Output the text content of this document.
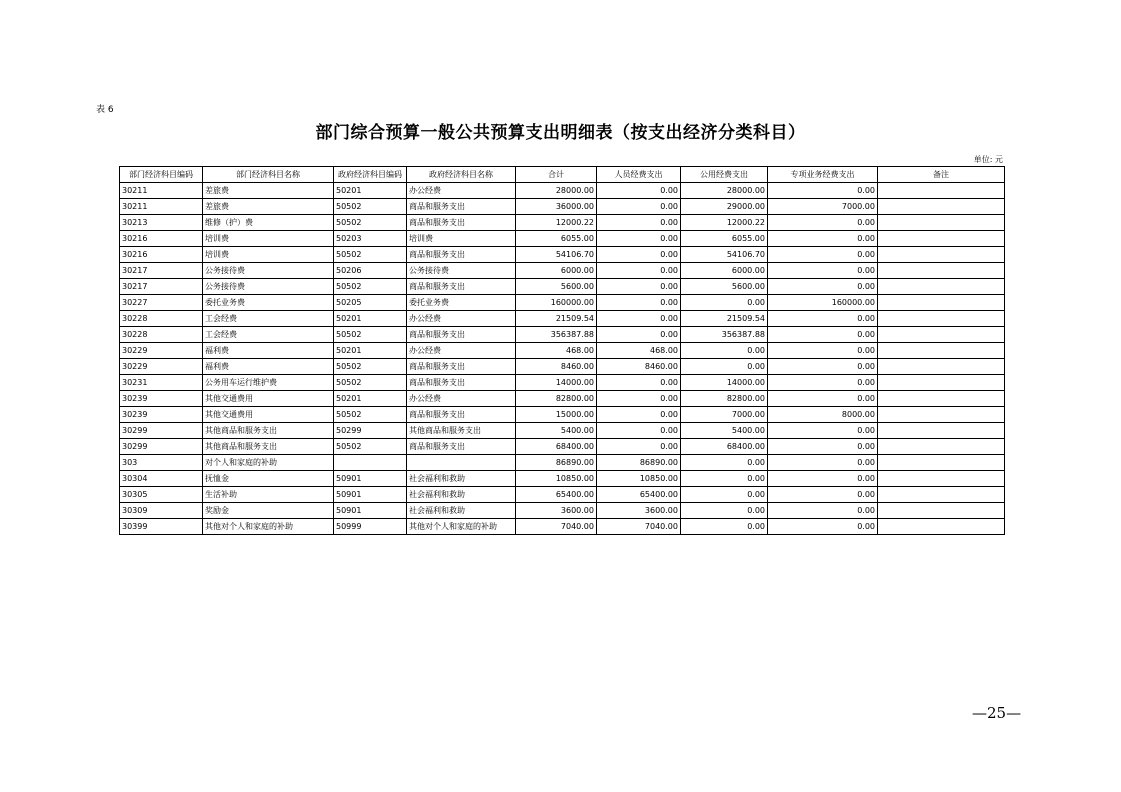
表 6
部门综合预算一般公共预算支出明细表（按支出经济分类科目）
单位: 元
部门经济科目编码	部门经济科目名称	政府经济科目编码	政府经济科目名称	合计	人员经费支出	公用经费支出	专项业务经费支出	备注
30211	差旅费	50201	办公经费	28000.00	0.00	28000.00	0.00	
30211	差旅费	50502	商品和服务支出	36000.00	0.00	29000.00	7000.00	
30213	维修（护）费	50502	商品和服务支出	12000.22	0.00	12000.22	0.00	
30216	培训费	50203	培训费	6055.00	0.00	6055.00	0.00	
30216	培训费	50502	商品和服务支出	54106.70	0.00	54106.70	0.00	
30217	公务接待费	50206	公务接待费	6000.00	0.00	6000.00	0.00	
30217	公务接待费	50502	商品和服务支出	5600.00	0.00	5600.00	0.00	
30227	委托业务费	50205	委托业务费	160000.00	0.00	0.00	160000.00	
30228	工会经费	50201	办公经费	21509.54	0.00	21509.54	0.00	
30228	工会经费	50502	商品和服务支出	356387.88	0.00	356387.88	0.00	
30229	福利费	50201	办公经费	468.00	468.00	0.00	0.00	
30229	福利费	50502	商品和服务支出	8460.00	8460.00	0.00	0.00	
30231	公务用车运行维护费	50502	商品和服务支出	14000.00	0.00	14000.00	0.00	
30239	其他交通费用	50201	办公经费	82800.00	0.00	82800.00	0.00	
30239	其他交通费用	50502	商品和服务支出	15000.00	0.00	7000.00	8000.00	
30299	其他商品和服务支出	50299	其他商品和服务支出	5400.00	0.00	5400.00	0.00	
30299	其他商品和服务支出	50502	商品和服务支出	68400.00	0.00	68400.00	0.00	
303	对个人和家庭的补助			86890.00	86890.00	0.00	0.00	
30304	抚恤金	50901	社会福利和救助	10850.00	10850.00	0.00	0.00	
30305	生活补助	50901	社会福利和救助	65400.00	65400.00	0.00	0.00	
30309	奖励金	50901	社会福利和救助	3600.00	3600.00	0.00	0.00	
30399	其他对个人和家庭的补助	50999	其他对个人和家庭的补助	7040.00	7040.00	0.00	0.00	
—25—
